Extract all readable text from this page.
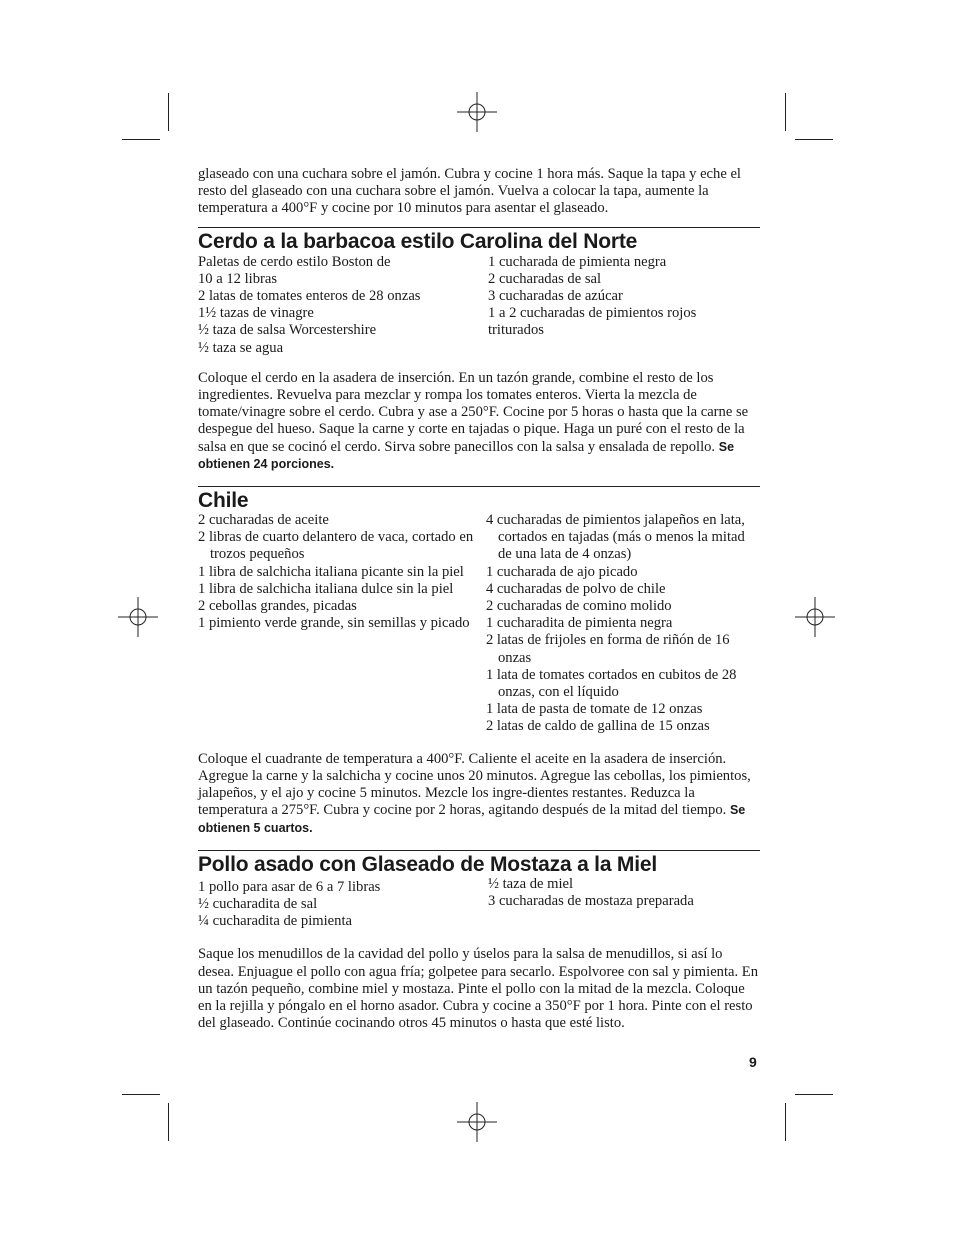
glaseado con una cuchara sobre el jamón. Cubra y cocine 1 hora más. Saque la tapa y eche el resto del glaseado con una cuchara sobre el jamón. Vuelva a colocar la tapa, aumente la temperatura a 400°F y cocine por 10 minutos para asentar el glaseado.

Cerdo a la barbacoa estilo Carolina del Norte
Paletas de cerdo estilo Boston de
10 a 12 libras
2 latas de tomates enteros de 28 onzas
1½ tazas de vinagre
½ taza de salsa Worcestershire
½ taza se agua
1 cucharada de pimienta negra
2 cucharadas de sal
3 cucharadas de azúcar
1 a 2 cucharadas de pimientos rojos
triturados

Coloque el cerdo en la asadera de inserción. En un tazón grande, combine el resto de los ingredientes. Revuelva para mezclar y rompa los tomates enteros. Vierta la mezcla de tomate/vinagre sobre el cerdo. Cubra y ase a 250°F. Cocine por 5 horas o hasta que la carne se despegue del hueso. Saque la carne y corte en tajadas o pique. Haga un puré con el resto de la salsa en que se cocinó el cerdo. Sirva sobre panecillos con la salsa y ensalada de repollo. Se obtienen 24 porciones.

Chile
2 cucharadas de aceite
2 libras de cuarto delantero de vaca, cortado en trozos pequeños
1 libra de salchicha italiana picante sin la piel
1 libra de salchicha italiana dulce sin la piel
2 cebollas grandes, picadas
1 pimiento verde grande, sin semillas y picado
4 cucharadas de pimientos jalapeños en lata, cortados en tajadas (más o menos la mitad de una lata de 4 onzas)
1 cucharada de ajo picado
4 cucharadas de polvo de chile
2 cucharadas de comino molido
1 cucharadita de pimienta negra
2 latas de frijoles en forma de riñón de 16 onzas
1 lata de tomates cortados en cubitos de 28 onzas, con el líquido
1 lata de pasta de tomate de 12 onzas
2 latas de caldo de gallina de 15 onzas

Coloque el cuadrante de temperatura a 400°F. Caliente el aceite en la asadera de inserción. Agregue la carne y la salchicha y cocine unos 20 minutos. Agregue las cebollas, los pimientos, jalapeños, y el ajo y cocine 5 minutos. Mezcle los ingre-dientes restantes. Reduzca la temperatura a 275°F. Cubra y cocine por 2 horas, agitando después de la mitad del tiempo. Se obtienen 5 cuartos.

Pollo asado con Glaseado de Mostaza a la Miel
1 pollo para asar de 6 a 7 libras
½ cucharadita de sal
¼ cucharadita de pimienta
½ taza de miel
3 cucharadas de mostaza preparada

Saque los menudillos de la cavidad del pollo y úselos para la salsa de menudillos, si así lo desea. Enjuague el pollo con agua fría; golpetee para secarlo. Espolvoree con sal y pimienta. En un tazón pequeño, combine miel y mostaza. Pinte el pollo con la mitad de la mezcla. Coloque en la rejilla y póngalo en el horno asador. Cubra y cocine a 350°F por 1 hora. Pinte con el resto del glaseado. Continúe cocinando otros 45 minutos o hasta que esté listo.

9
